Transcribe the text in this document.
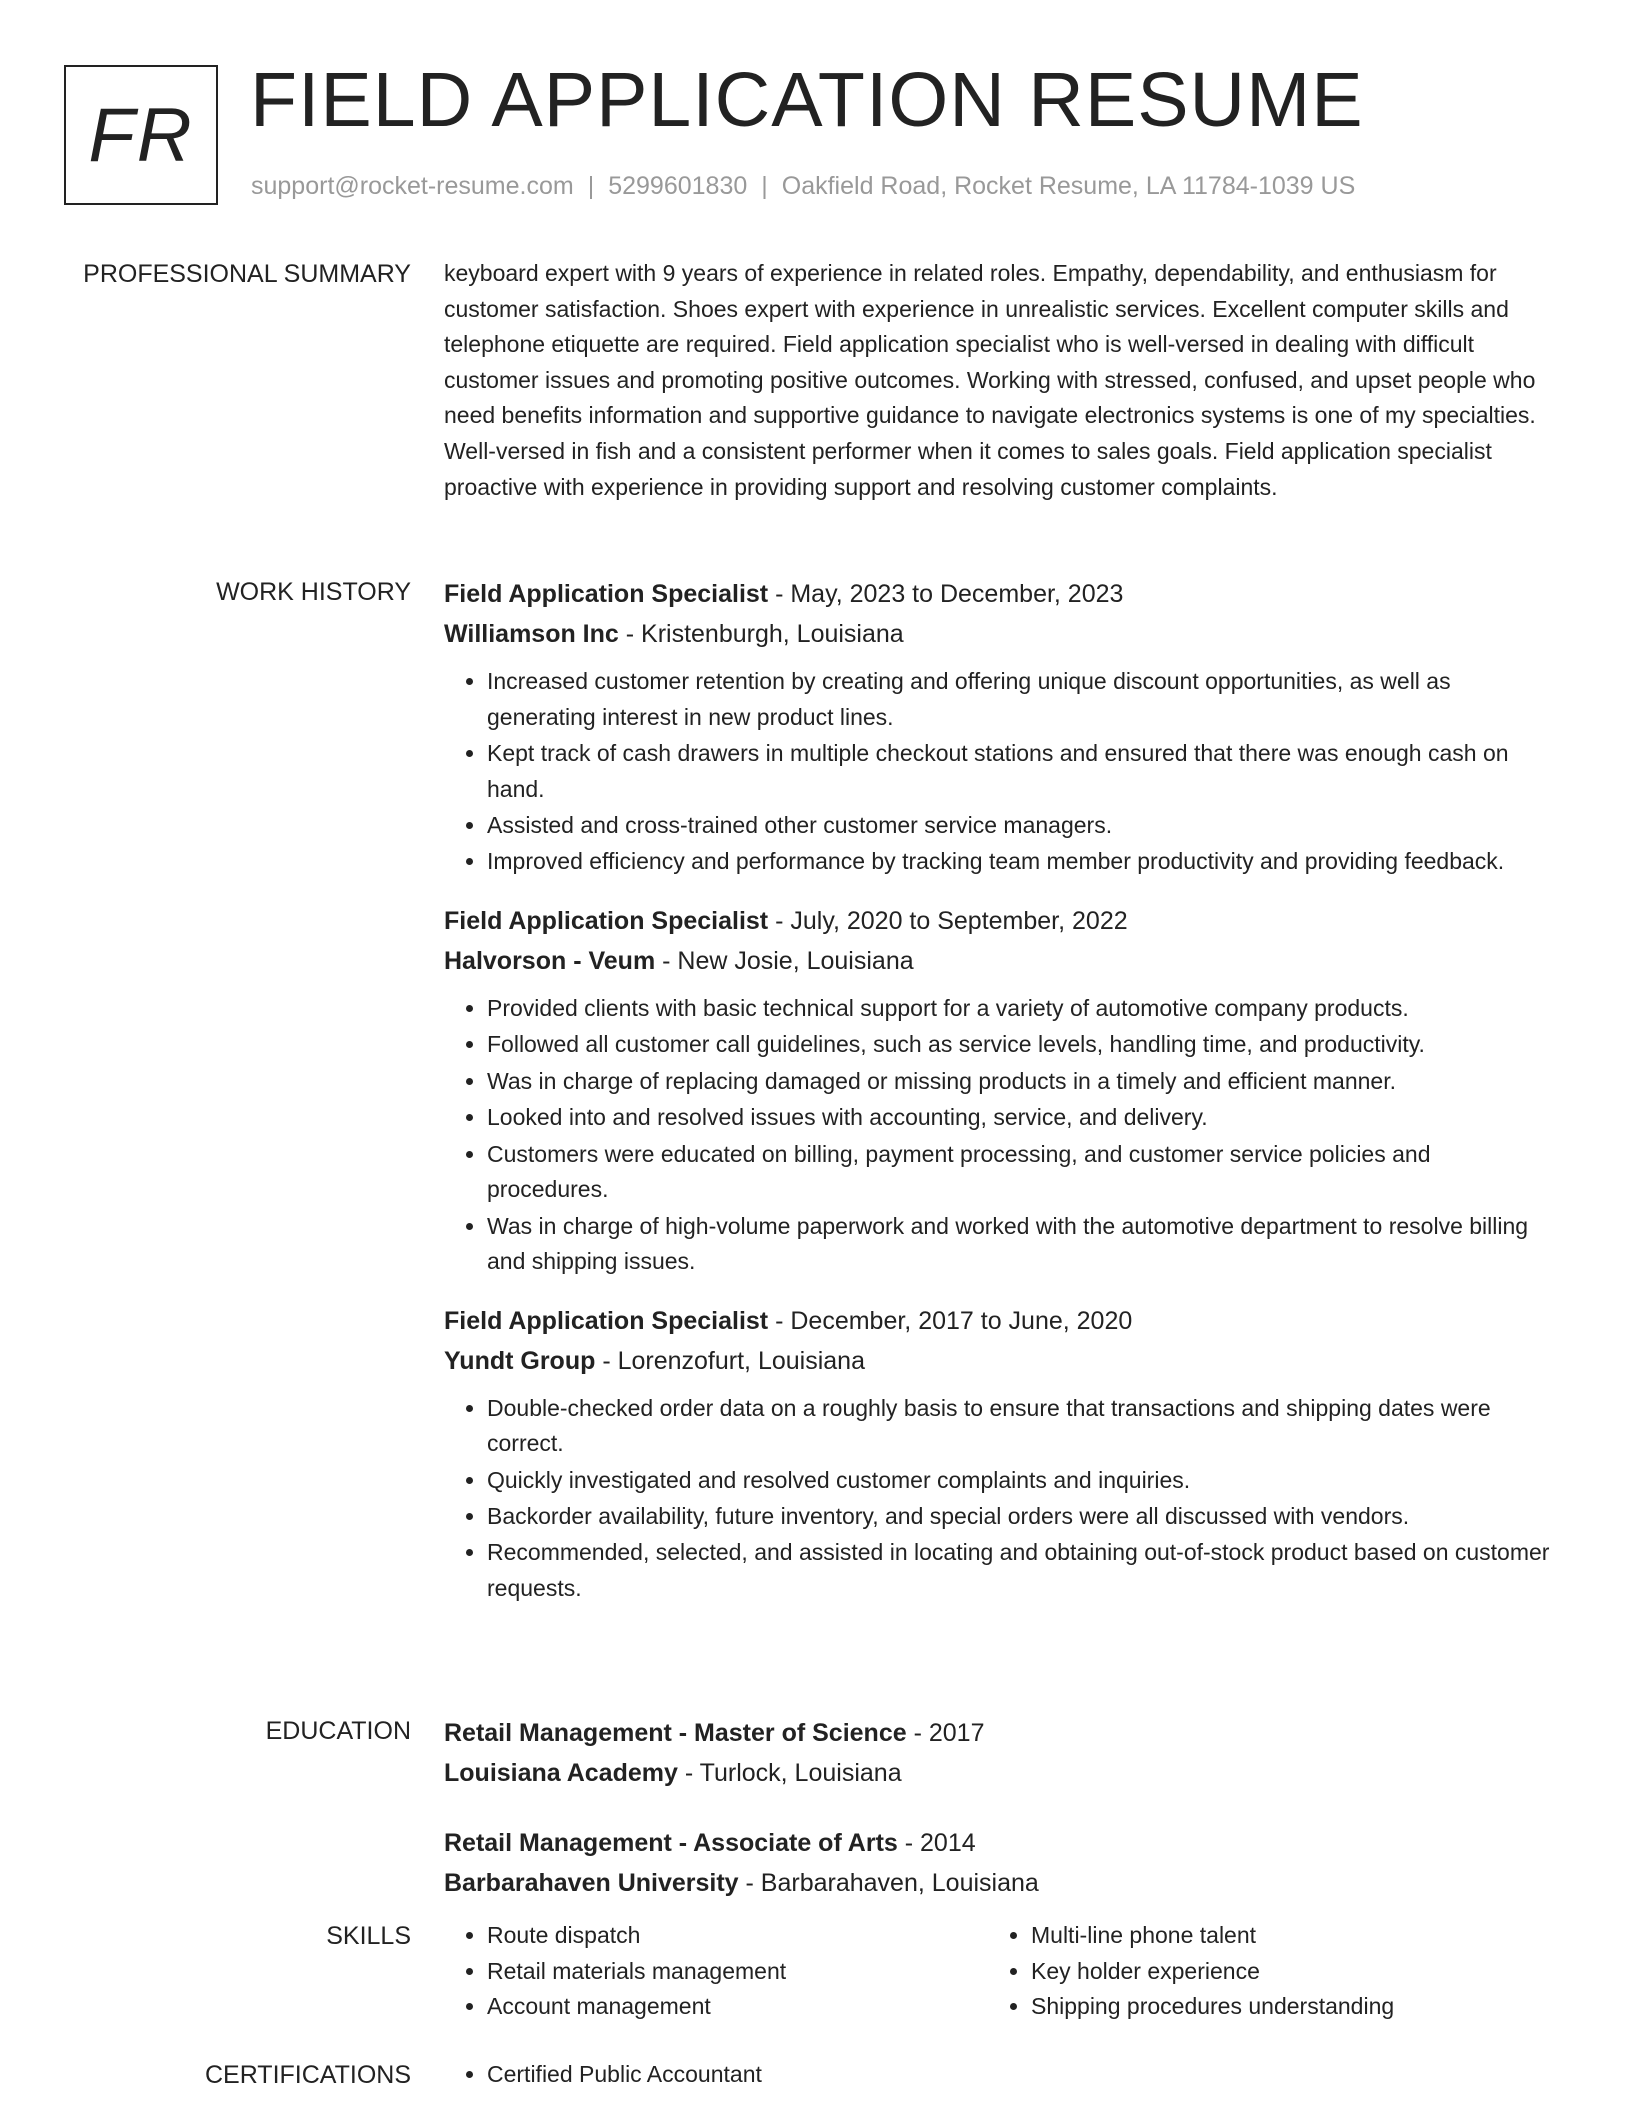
FR FIELD APPLICATION RESUME
support@rocket-resume.com | 5299601830 | Oakfield Road, Rocket Resume, LA 11784-1039 US
PROFESSIONAL SUMMARY keyboard expert with 9 years of experience in related roles. Empathy, dependability, and enthusiasm for customer satisfaction. Shoes expert with experience in unrealistic services. Excellent computer skills and telephone etiquette are required. Field application specialist who is well-versed in dealing with difficult customer issues and promoting positive outcomes. Working with stressed, confused, and upset people who need benefits information and supportive guidance to navigate electronics systems is one of my specialties. Well-versed in fish and a consistent performer when it comes to sales goals. Field application specialist proactive with experience in providing support and resolving customer complaints.
WORK HISTORY Field Application Specialist - May, 2023 to December, 2023
Williamson Inc - Kristenburgh, Louisiana
• Increased customer retention by creating and offering unique discount opportunities, as well as generating interest in new product lines.
• Kept track of cash drawers in multiple checkout stations and ensured that there was enough cash on hand.
• Assisted and cross-trained other customer service managers.
• Improved efficiency and performance by tracking team member productivity and providing feedback.
Field Application Specialist - July, 2020 to September, 2022
Halvorson - Veum - New Josie, Louisiana
• Provided clients with basic technical support for a variety of automotive company products.
• Followed all customer call guidelines, such as service levels, handling time, and productivity.
• Was in charge of replacing damaged or missing products in a timely and efficient manner.
• Looked into and resolved issues with accounting, service, and delivery.
• Customers were educated on billing, payment processing, and customer service policies and procedures.
• Was in charge of high-volume paperwork and worked with the automotive department to resolve billing and shipping issues.
Field Application Specialist - December, 2017 to June, 2020
Yundt Group - Lorenzofurt, Louisiana
• Double-checked order data on a roughly basis to ensure that transactions and shipping dates were correct.
• Quickly investigated and resolved customer complaints and inquiries.
• Backorder availability, future inventory, and special orders were all discussed with vendors.
• Recommended, selected, and assisted in locating and obtaining out-of-stock product based on customer requests.
EDUCATION Retail Management - Master of Science - 2017
Louisiana Academy - Turlock, Louisiana
Retail Management - Associate of Arts - 2014
Barbarahaven University - Barbarahaven, Louisiana
SKILLS	• Route dispatch
• Retail materials management
• Account management
• Multi-line phone talent
• Key holder experience
• Shipping procedures understanding
CERTIFICATIONS	• Certified Public Accountant
